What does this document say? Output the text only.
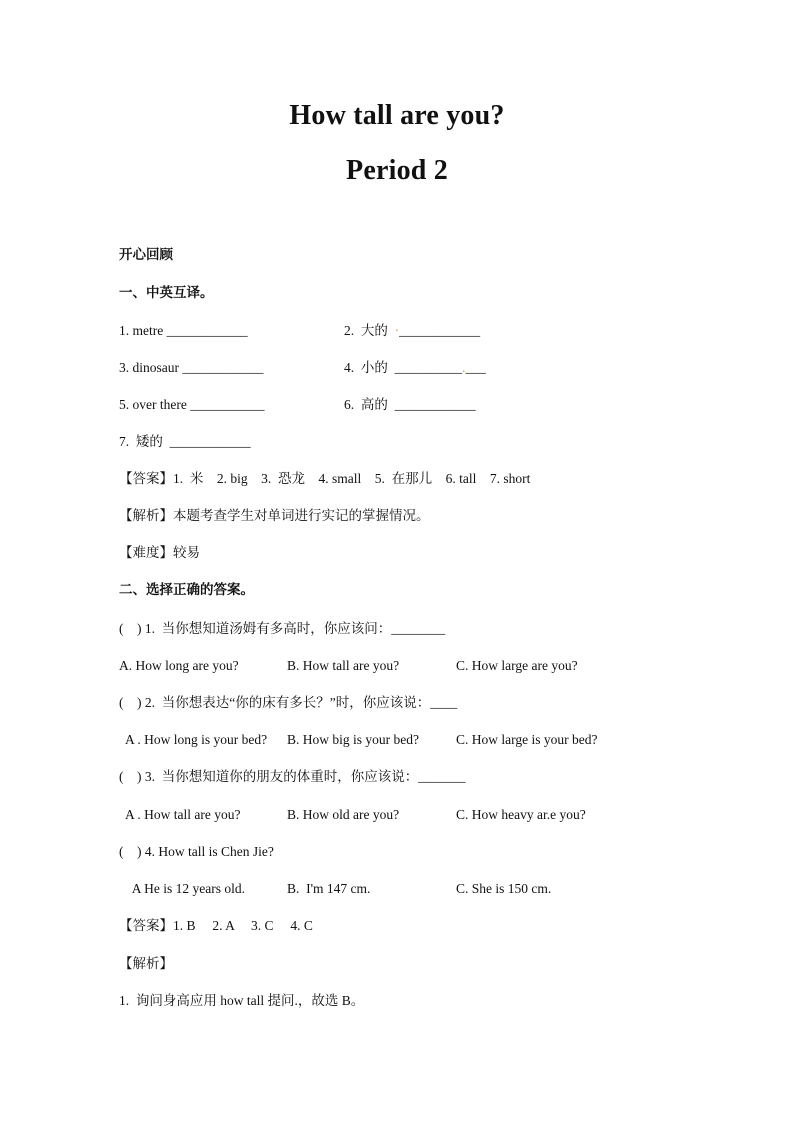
How tall are you?
Period 2
开心回顾
一、中英互译。
1. metre ____________	2.  大的  ·____________
3. dinosaur ____________	4.  小的  __________.___
5. over there ___________	6.  高的  ____________
7.  矮的  ____________
【答案】1.  米    2. big    3.  恐龙    4. small    5.  在那儿    6. tall    7. short
【解析】本题考查学生对单词进行实记的掌握情况。
【难度】较易
二、选择正确的答案。
(    ) 1.  当你想知道汤姆有多高时，你应该问：________
A. How long are you?	B. How tall are you?	C. How large are you?
(    ) 2.  当你想表达“你的床有多长？”时，你应该说：____
A . How long is your bed? B. How big is your bed?	C. How large is your bed?
(    ) 3.  当你想知道你的朋友的体重时，你应该说：_______
A . How tall are you?	B. How old are you?	C. How heavy ar.e you?
(    ) 4. How tall is Chen Jie?
A He is 12 years old.	B.  I'm 147 cm.	C. She is 150 cm.
【答案】1. B     2. A     3. C     4. C
【解析】
1.  询问身高应用 how tall 提问.，故选 B。
